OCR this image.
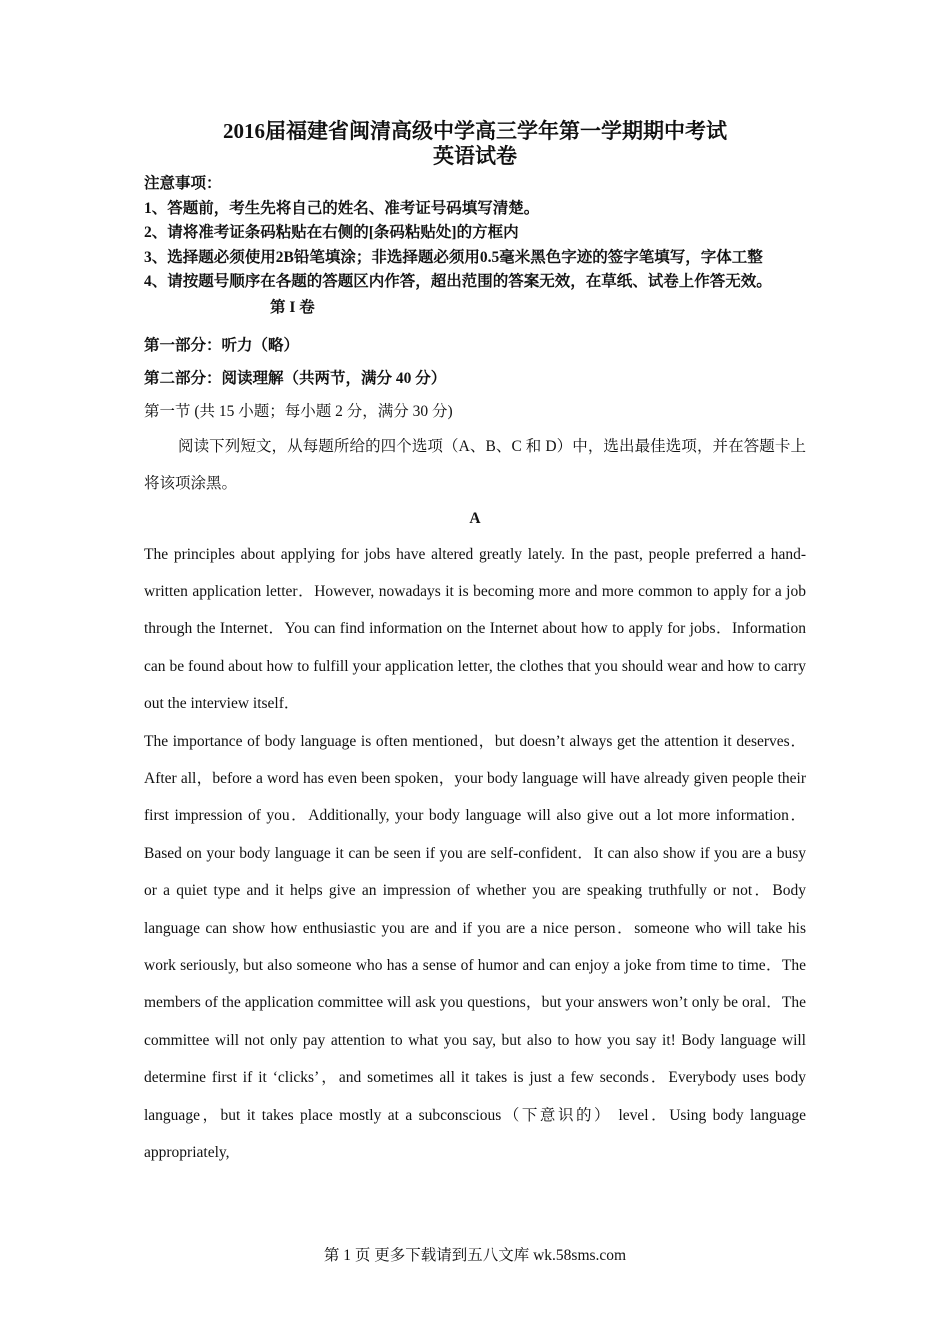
2016届福建省闽清高级中学高三学年第一学期期中考试
英语试卷

注意事项：

1、答题前，考生先将自己的姓名、准考证号码填写清楚。

2、请将准考证条码粘贴在右侧的[条码粘贴处]的方框内

3、选择题必须使用2B铅笔填涂；非选择题必须用0.5毫米黑色字迹的签字笔填写，字体工整

4、请按题号顺序在各题的答题区内作答，超出范围的答案无效，在草纸、试卷上作答无效。

第 I 卷

第一部分：听力（略）

第二部分：阅读理解（共两节，满分 40 分）

第一节 (共 15 小题；每小题 2 分，满分 30 分)

阅读下列短文，从每题所给的四个选项（A、B、C 和 D）中，选出最佳选项，并在答题卡上将该项涂黑。

A

The principles about applying for jobs have altered greatly lately. In the past, people preferred a hand-written application letter．However, nowadays it is becoming more and more common to apply for a job through the Internet．You can find information on the Internet about how to apply for jobs．Information can be found about how to fulfill your application letter, the clothes that you should wear and how to carry out the interview itself．

The importance of body language is often mentioned，but doesn’t always get the attention it deserves．After all，before a word has even been spoken，your body language will have already given people their first impression of you．Additionally, your body language will also give out a lot more information．Based on your body language it can be seen if you are self-confident．It can also show if you are a busy or a quiet type and it helps give an impression of whether you are speaking truthfully or not．Body language can show how enthusiastic you are and if you are a nice person．someone who will take his work seriously, but also someone who has a sense of humor and can enjoy a joke from time to time．The members of the application committee will ask you questions，but your answers won’t only be oral．The committee will not only pay attention to what you say, but also to how you say it! Body language will determine first if it ‘clicks’，and sometimes all it takes is just a few seconds．Everybody uses body language，but it takes place mostly at a subconscious（下意识的） level．Using body language appropriately,

第 1 页 更多下载请到五八文库 wk.58sms.com
